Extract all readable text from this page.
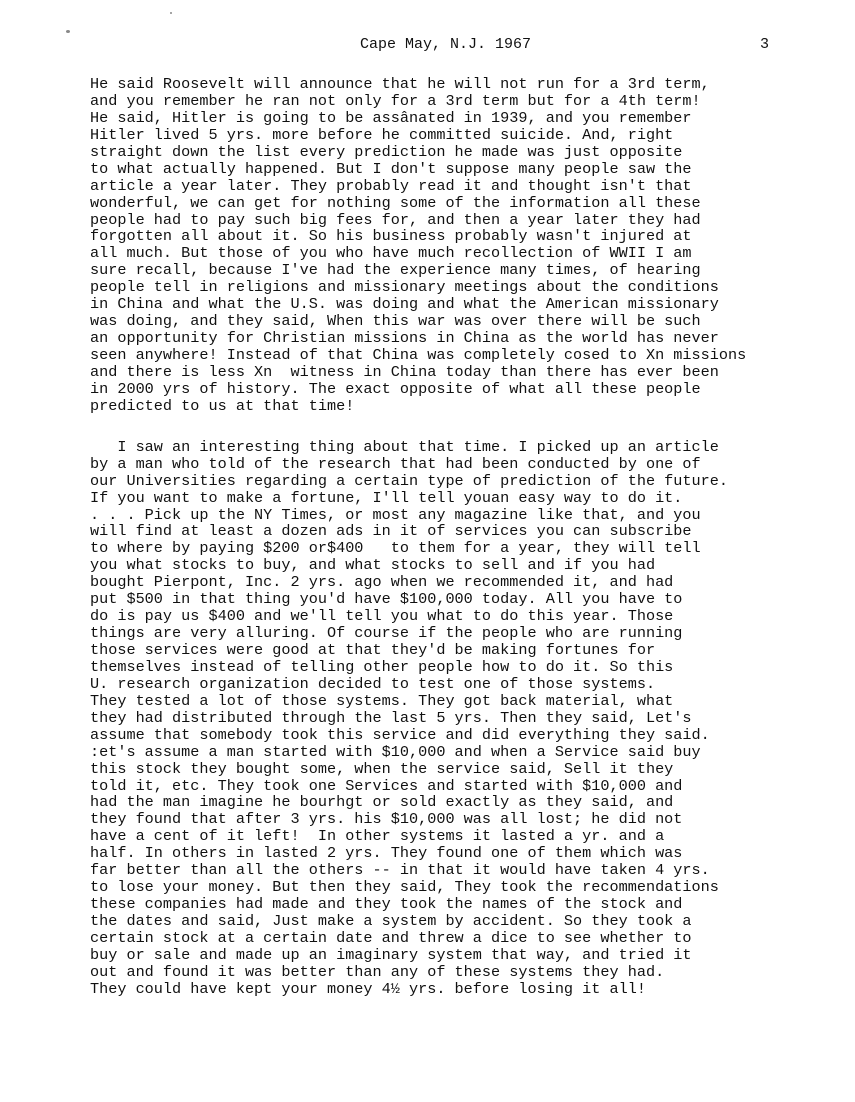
Cape May, N.J. 1967	3
He said Roosevelt will announce that he will not run for a 3rd term,
and you remember he ran not only for a 3rd term but for a 4th term!
He said, Hitler is going to be assânated in 1939, and you remember
Hitler lived 5 yrs. more before he committed suicide. And, right
straight down the list every prediction he made was just opposite
to what actually happened. But I don't suppose many people saw the
article a year later. They probably read it and thought isn't that
wonderful, we can get for nothing some of the information all these
people had to pay such big fees for, and then a year later they had
forgotten all about it. So his business probably wasn't injured at
all much. But those of you who have much recollection of WWII I am
sure recall, because I've had the experience many times, of hearing
people tell in religions and missionary meetings about the conditions
in China and what the U.S. was doing and what the American missionary
was doing, and they said, When this war was over there will be such
an opportunity for Christian missions in China as the world has never
seen anywhere! Instead of that China was completely cosed to Xn missions
and there is less Xn  witness in China today than there has ever been
in 2000 yrs of history. The exact opposite of what all these people
predicted to us at that time!
I saw an interesting thing about that time. I picked up an article
by a man who told of the research that had been conducted by one of
our Universities regarding a certain type of prediction of the future.
If you want to make a fortune, I'll tell youan easy way to do it.
. . . Pick up the NY Times, or most any magazine like that, and you
will find at least a dozen ads in it of services you can subscribe
to where by paying $200 or$400   to them for a year, they will tell
you what stocks to buy, and what stocks to sell and if you had
bought Pierpont, Inc. 2 yrs. ago when we recommended it, and had
put $500 in that thing you'd have $100,000 today. All you have to
do is pay us $400 and we'll tell you what to do this year. Those
things are very alluring. Of course if the people who are running
those services were good at that they'd be making fortunes for
themselves instead of telling other people how to do it. So this
U. research organization decided to test one of those systems.
They tested a lot of those systems. They got back material, what
they had distributed through the last 5 yrs. Then they said, Let's
assume that somebody took this service and did everything they said.
:et's assume a man started with $10,000 and when a Service said buy
this stock they bought some, when the service said, Sell it they
told it, etc. They took one Services and started with $10,000 and
had the man imagine he bourhgt or sold exactly as they said, and
they found that after 3 yrs. his $10,000 was all lost; he did not
have a cent of it left!  In other systems it lasted a yr. and a
half. In others in lasted 2 yrs. They found one of them which was
far better than all the others -- in that it would have taken 4 yrs.
to lose your money. But then they said, They took the recommendations
these companies had made and they took the names of the stock and
the dates and said, Just make a system by accident. So they took a
certain stock at a certain date and threw a dice to see whether to
buy or sale and made up an imaginary system that way, and tried it
out and found it was better than any of these systems they had.
They could have kept your money 4½ yrs. before losing it all!
